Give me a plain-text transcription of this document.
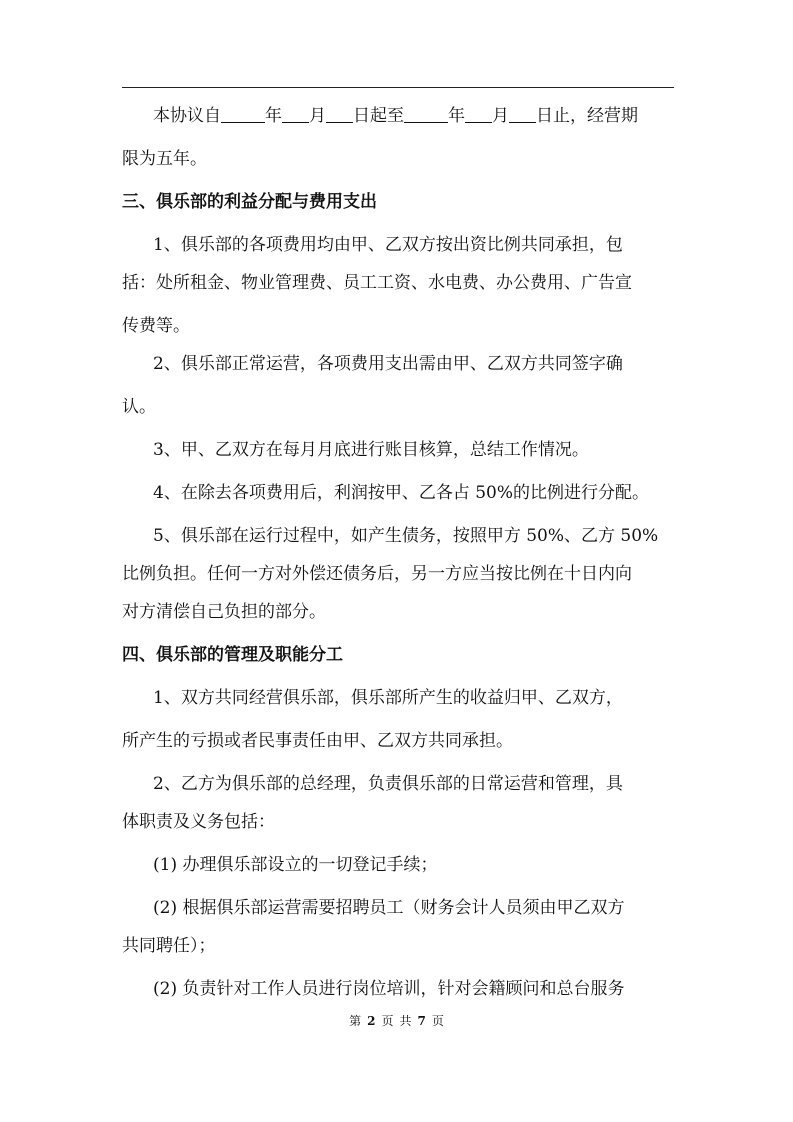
本协议自	年 月 日起至	年 月 日止，经营期
限为五年。
三、俱乐部的利益分配与费用支出
1、俱乐部的各项费用均由甲、乙双方按出资比例共同承担，包
括：处所租金、物业管理费、员工工资、水电费、办公费用、广告宣
传费等。
2、俱乐部正常运营，各项费用支出需由甲、乙双方共同签字确
认。
3、甲、乙双方在每月月底进行账目核算，总结工作情况。
4、在除去各项费用后，利润按甲、乙各占 50%的比例进行分配。
5、俱乐部在运行过程中，如产生债务，按照甲方 50%、乙方 50%
比例负担。任何一方对外偿还债务后，另一方应当按比例在十日内向
对方清偿自己负担的部分。
四、俱乐部的管理及职能分工
1、双方共同经营俱乐部，俱乐部所产生的收益归甲、乙双方，
所产生的亏损或者民事责任由甲、乙双方共同承担。
2、乙方为俱乐部的总经理，负责俱乐部的日常运营和管理，具
体职责及义务包括：
(1) 办理俱乐部设立的一切登记手续；
(2) 根据俱乐部运营需要招聘员工（财务会计人员须由甲乙双方
共同聘任）；
(2) 负责针对工作人员进行岗位培训，针对会籍顾问和总台服务
第 2 页 共 7 页
